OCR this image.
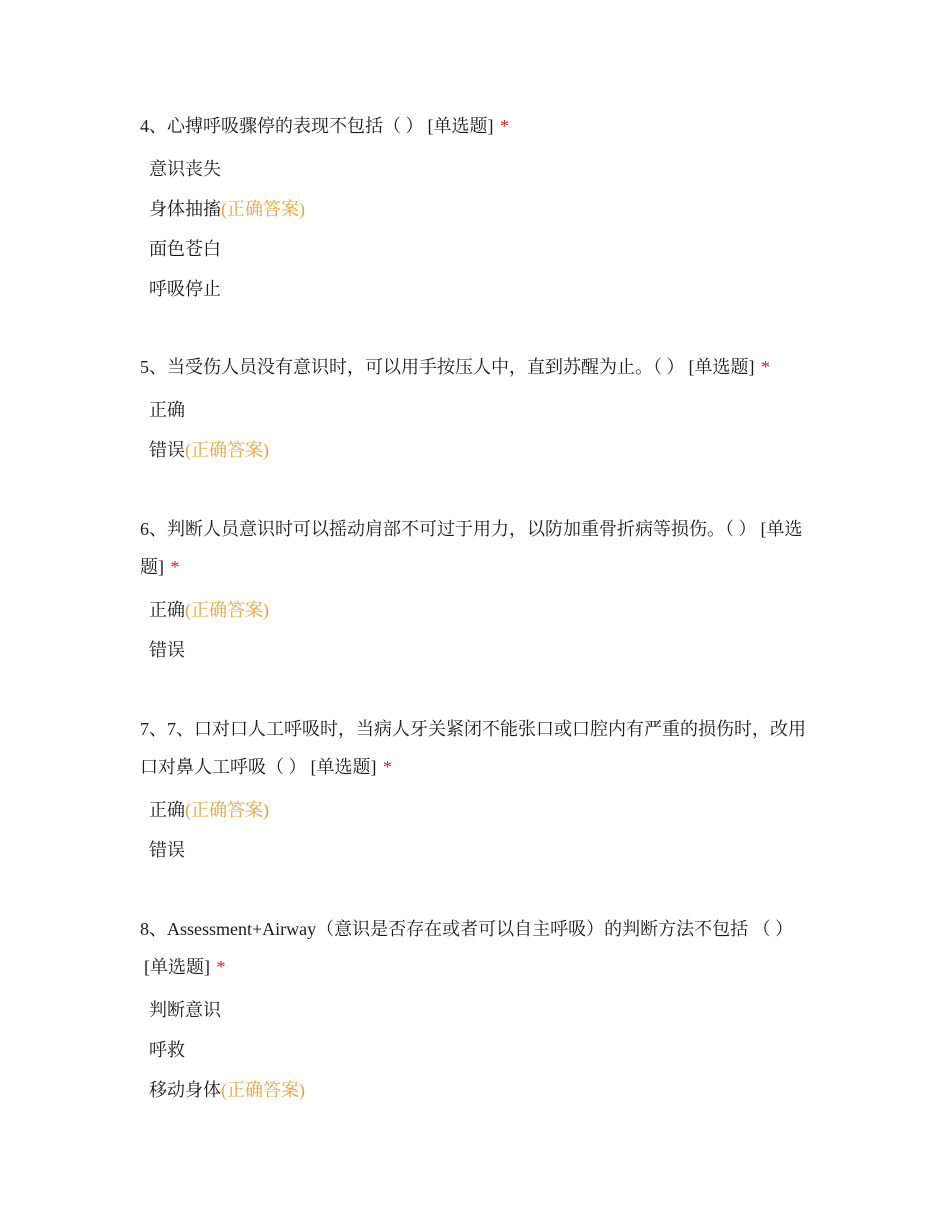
4、心搏呼吸骤停的表现不包括（ ） [单选题] *

意识丧失
身体抽搐(正确答案)
面色苍白
呼吸停止

5、当受伤人员没有意识时，可以用手按压人中，直到苏醒为止。（ ） [单选题] *

正确
错误(正确答案)

6、判断人员意识时可以摇动肩部不可过于用力，以防加重骨折病等损伤。（ ） [单选题] *

正确(正确答案)
错误

7、7、口对口人工呼吸时，当病人牙关紧闭不能张口或口腔内有严重的损伤时，改用口对鼻人工呼吸（ ） [单选题] *

正确(正确答案)
错误

8、Assessment+Airway（意识是否存在或者可以自主呼吸）的判断方法不包括 （ ）[单选题] *

判断意识
呼救
移动身体(正确答案)
